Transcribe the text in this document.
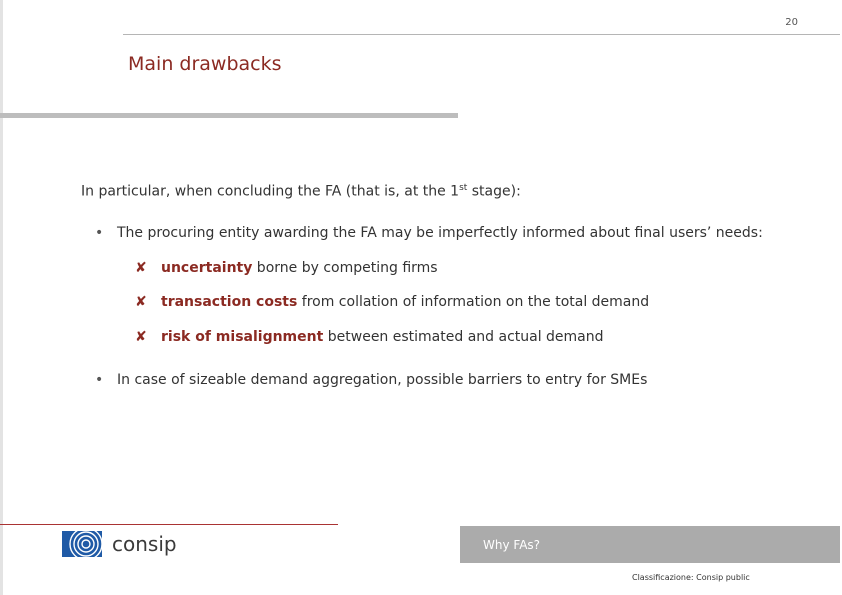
20
Main drawbacks
In particular, when concluding the FA (that is, at the 1st stage):
• The procuring entity awarding the FA may be imperfectly informed about final users’ needs:
✘ uncertainty borne by competing firms
✘ transaction costs from collation of information on the total demand
✘ risk of misalignment between estimated and actual demand
• In case of sizeable demand aggregation, possible barriers to entry for SMEs
consip	Why FAs?
Classificazione: Consip public
